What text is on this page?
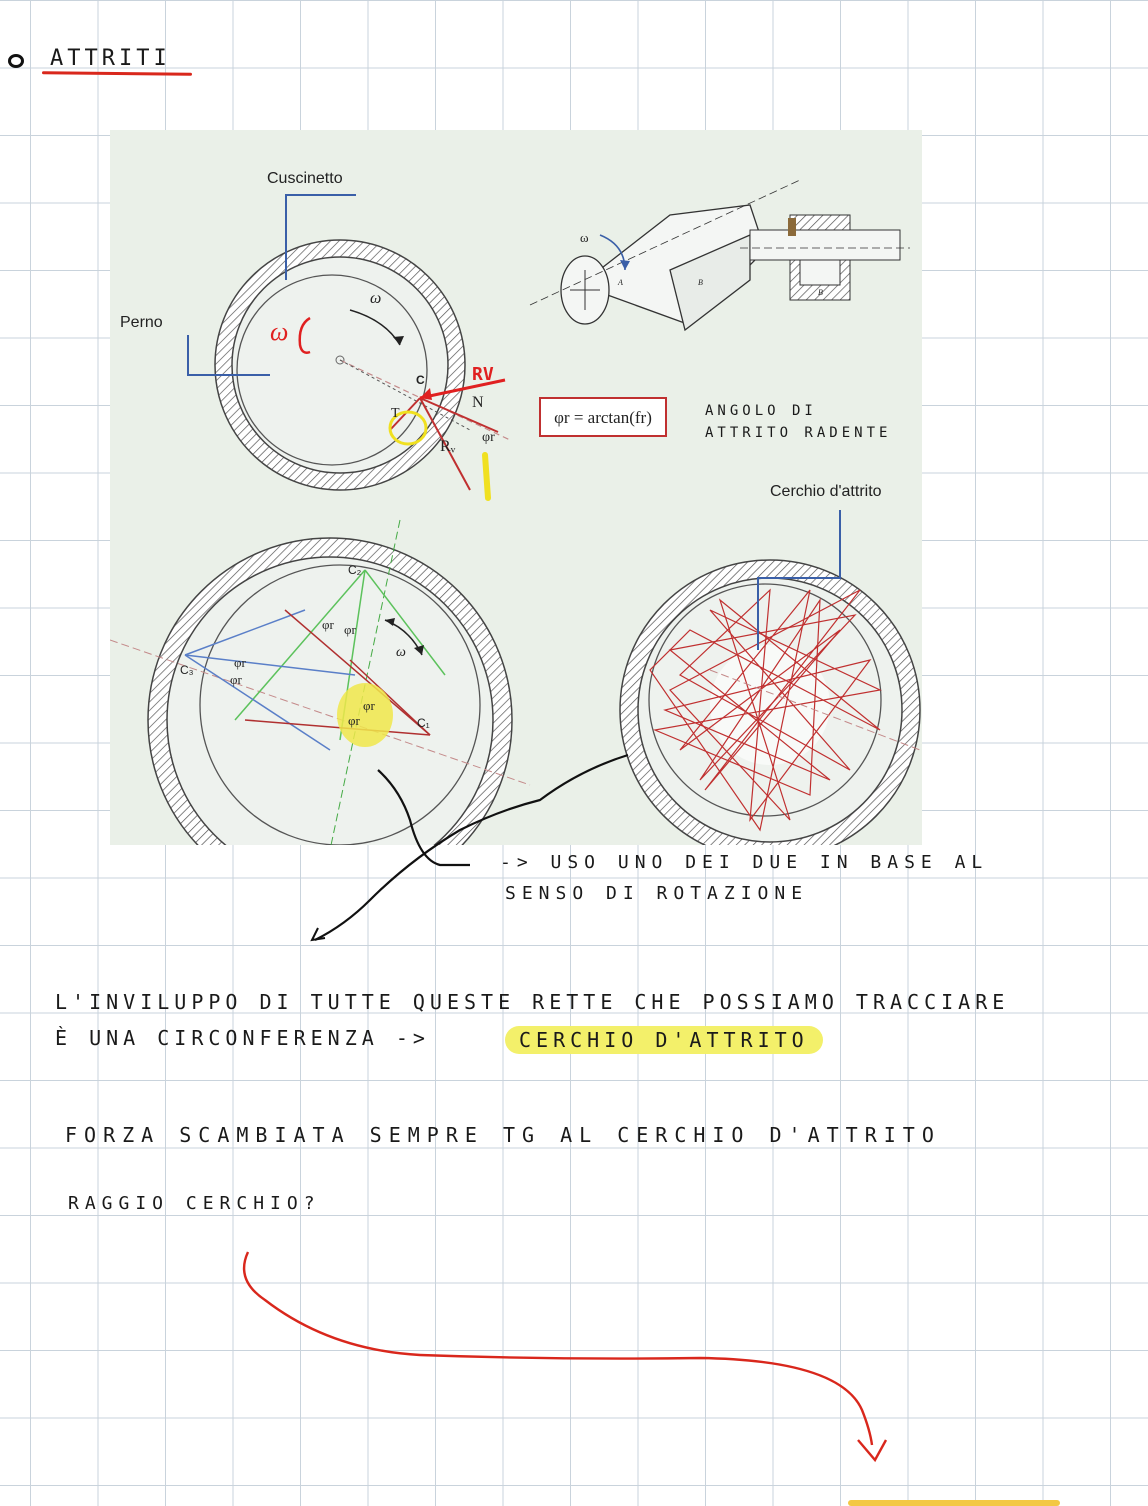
ATTRITI
ω
φr = arctan(fr)
Cuscinetto
Perno
ω
C
N
T
Rᵥ
φr
RV
ω
A	B
B
Cerchio d'attrito
C₁
C₂
C₃
φr φr
φr
φr
φr
φr
ω
ANGOLO DI
ATTRITO RADENTE
-> USO UNO DEI DUE IN BASE AL
SENSO DI ROTAZIONE
L'INVILUPPO DI TUTTE QUESTE RETTE CHE POSSIAMO TRACCIARE
È UNA CIRCONFERENZA ->	CERCHIO D'ATTRITO
FORZA SCAMBIATA SEMPRE TG AL CERCHIO D'ATTRITO
RAGGIO CERCHIO?
